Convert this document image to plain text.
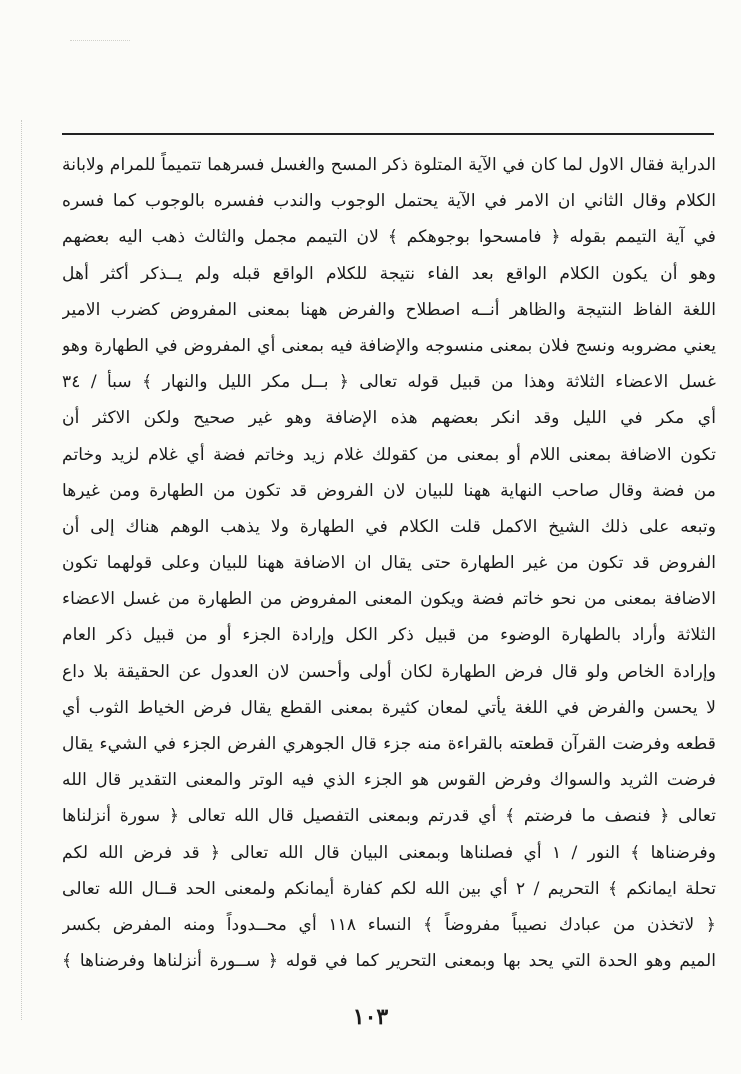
الدراية فقال الاول لما كان في الآية المتلوة ذكر المسح والغسل فسرهما تتميماً للمرام ولابانة
الكلام وقال الثاني ان الامر في الآية يحتمل الوجوب والندب ففسره بالوجوب كما فسره
في آية التيمم بقوله ﴿ فامسحوا بوجوهكم ﴾ لان التيمم مجمل والثالث ذهب اليه بعضهم
وهو أن يكون الكلام الواقع بعد الفاء نتيجة للكلام الواقع قبله ولم يــذكر أكثر أهل
اللغة الفاظ النتيجة والظاهر أنــه اصطلاح والفرض ههنا بمعنى المفروض كضرب الامير
يعني مضروبه ونسج فلان بمعنى منسوجه والإضافة فيه بمعنى أي المفروض في الطهارة وهو
غسل الاعضاء الثلاثة وهذا من قبيل قوله تعالى ﴿ بــل مكر الليل والنهار ﴾ سبأ / ٣٤
أي مكر في الليل وقد انكر بعضهم هذه الإضافة وهو غير صحيح ولكن الاكثر أن
تكون الاضافة بمعنى اللام أو بمعنى من كقولك غلام زيد وخاتم فضة أي غلام لزيد وخاتم
من فضة وقال صاحب النهاية ههنا للبيان لان الفروض قد تكون من الطهارة ومن غيرها
وتبعه على ذلك الشيخ الاكمل قلت الكلام في الطهارة ولا يذهب الوهم هناك إلى أن
الفروض قد تكون من غير الطهارة حتى يقال ان الاضافة ههنا للبيان وعلى قولهما تكون
الاضافة بمعنى من نحو خاتم فضة ويكون المعنى المفروض من الطهارة من غسل الاعضاء
الثلاثة وأراد بالطهارة الوضوء من قبيل ذكر الكل وإرادة الجزء أو من قبيل ذكر العام
وإرادة الخاص ولو قال فرض الطهارة لكان أولى وأحسن لان العدول عن الحقيقة بلا داع
لا يحسن والفرض في اللغة يأتي لمعان كثيرة بمعنى القطع يقال فرض الخياط الثوب أي
قطعه وفرضت القرآن قطعته بالقراءة منه جزء قال الجوهري الفرض الجزء في الشيء يقال
فرضت الثريد والسواك وفرض القوس هو الجزء الذي فيه الوتر والمعنى التقدير قال الله
تعالى ﴿ فنصف ما فرضتم ﴾ أي قدرتم وبمعنى التفصيل قال الله تعالى ﴿ سورة أنزلناها
وفرضناها ﴾ النور / ١ أي فصلناها وبمعنى البيان قال الله تعالى ﴿ قد فرض الله لكم
تحلة ايمانكم ﴾ التحريم / ٢ أي بين الله لكم كفارة أيمانكم ولمعنى الحد قــال الله تعالى
﴿ لاتخذن من عبادك نصيباً مفروضاً ﴾ النساء ١١٨ أي محــدوداً ومنه المفرض بكسر
الميم وهو الحدة التي يحد بها وبمعنى التحرير كما في قوله ﴿ ســورة أنزلناها وفرضناها ﴾
١٠٣
